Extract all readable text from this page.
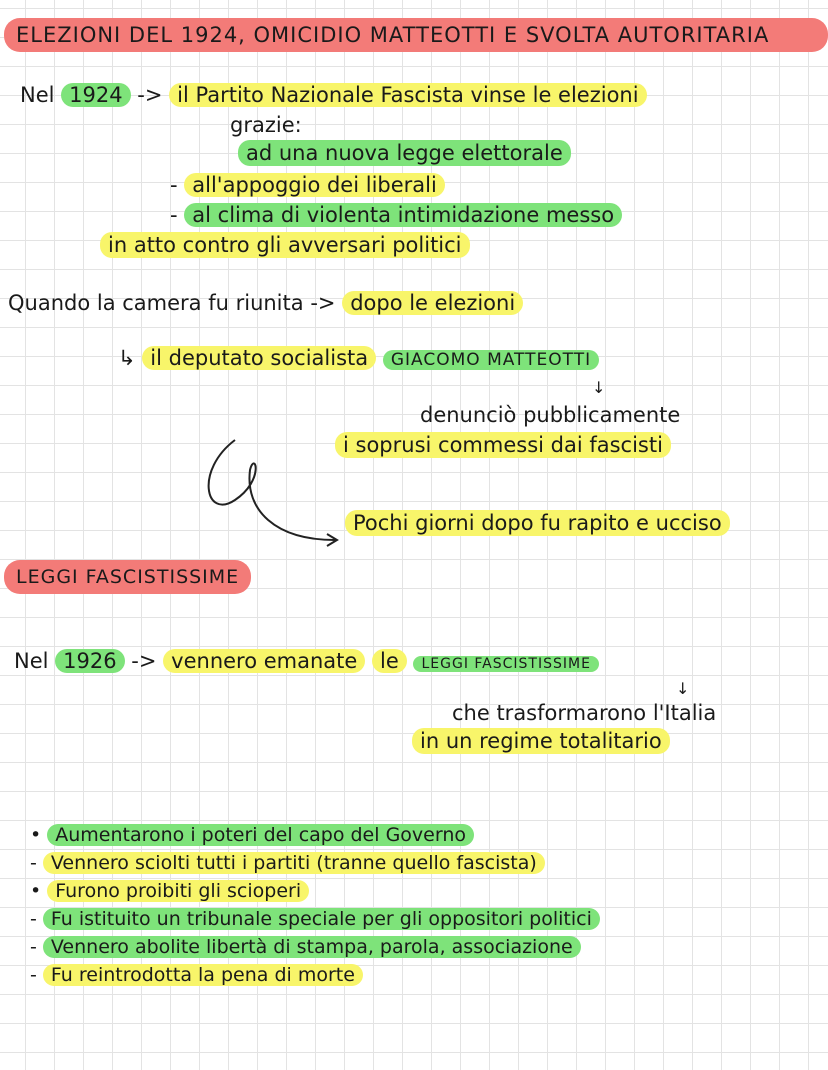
ELEZIONI DEL 1924, OMICIDIO MATTEOTTI E SVOLTA AUTORITARIA
Nel 1924 -> il Partito Nazionale Fascista vinse le elezioni
grazie:
ad una nuova legge elettorale
- all'appoggio dei liberali
- al clima di violenta intimidazione messo
in atto contro gli avversari politici
Quando la camera fu riunita -> dopo le elezioni
↳ il deputato socialista GIACOMO MATTEOTTI
↓
denunciò pubblicamente
i soprusi commessi dai fascisti
Pochi giorni dopo fu rapito e ucciso
LEGGI FASCISTISSIME
Nel 1926 -> vennero emanate le LEGGI FASCISTISSIME
↓
che trasformarono l'Italia
in un regime totalitario
• Aumentarono i poteri del capo del Governo
- Vennero sciolti tutti i partiti (tranne quello fascista)
• Furono proibiti gli scioperi
- Fu istituito un tribunale speciale per gli oppositori politici
- Vennero abolite libertà di stampa, parola, associazione
- Fu reintrodotta la pena di morte
